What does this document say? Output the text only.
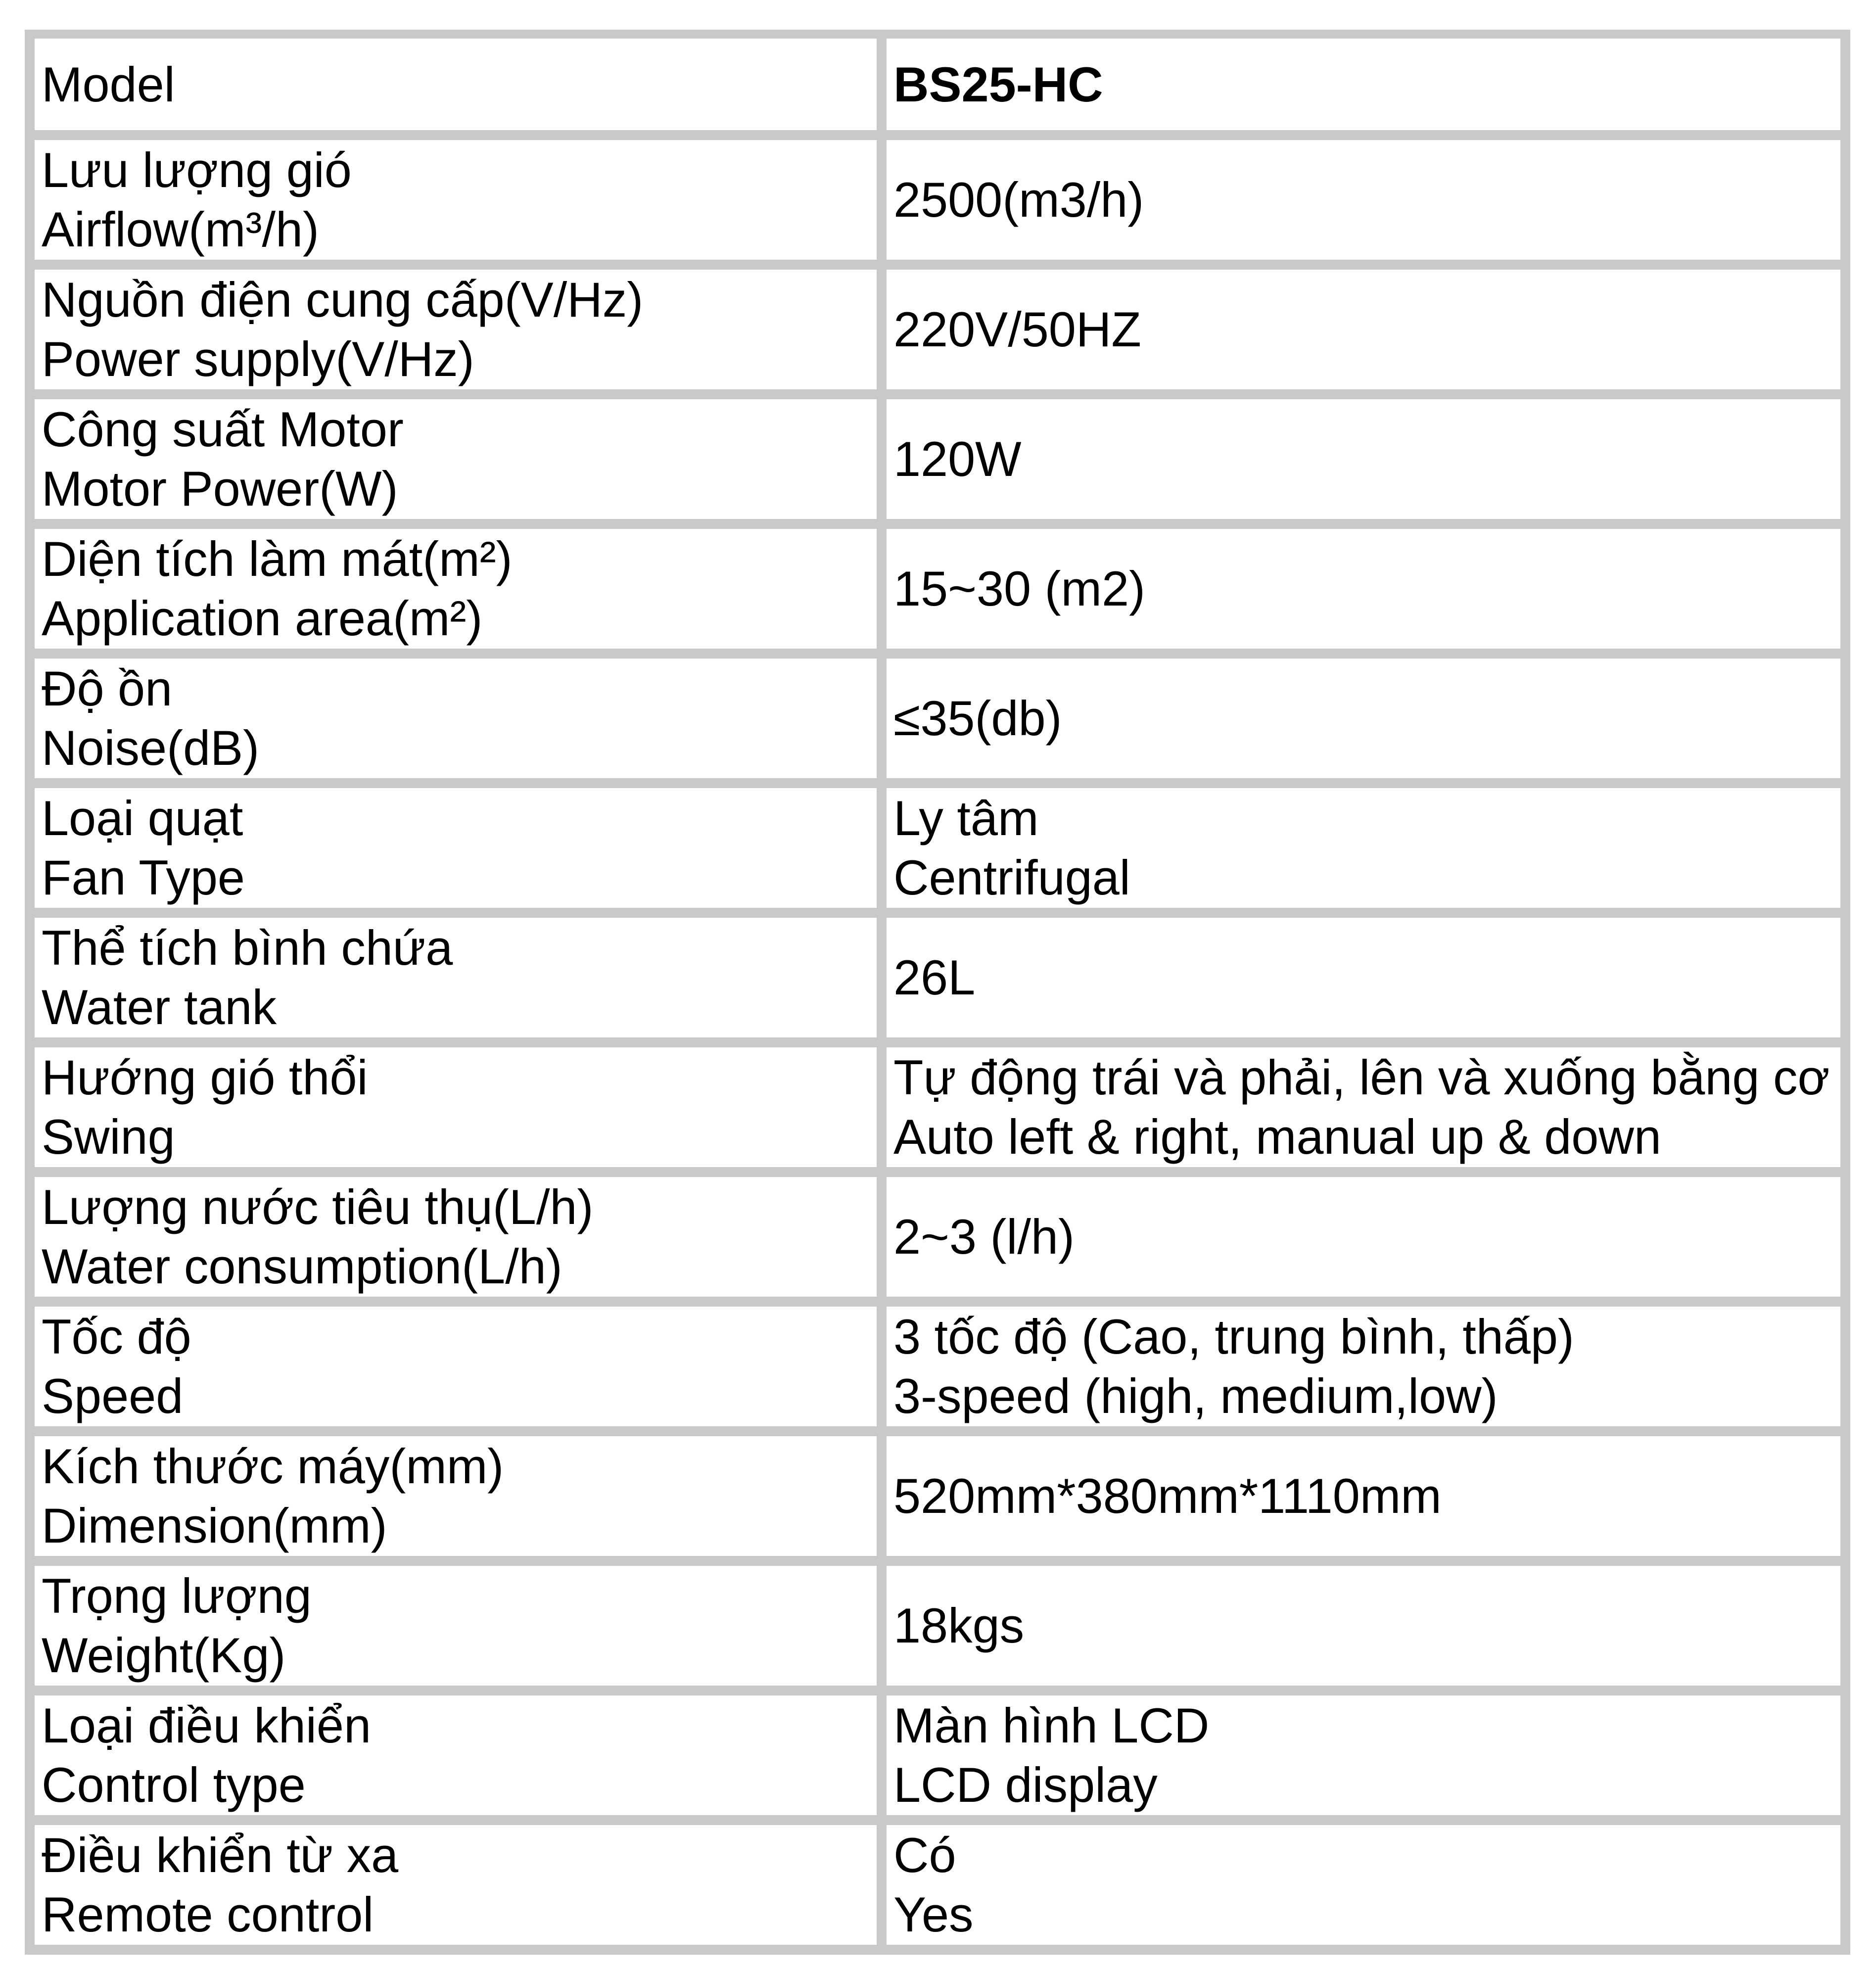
Model	BS25-HC
Lưu lượng gió
Airflow(m³/h)
2500(m3/h)
Nguồn điện cung cấp(V/Hz)
Power supply(V/Hz)
220V/50HZ
Công suất Motor
Motor Power(W)
120W
Diện tích làm mát(m²)
Application area(m²)
15~30 (m2)
Độ ồn
Noise(dB)
≤35(db)
Loại quạt
Fan Type
Ly tâm
Centrifugal
Thể tích bình chứa
Water tank
26L
Hướng gió thổi
Swing
Tự động trái và phải, lên và xuống bằng cơ
Auto left & right, manual up & down
Lượng nước tiêu thụ(L/h)
Water consumption(L/h)
2~3 (l/h)
Tốc độ
Speed
3 tốc độ (Cao, trung bình, thấp)
3-speed (high, medium,low)
Kích thước máy(mm)
Dimension(mm)
520mm*380mm*1110mm
Trọng lượng
Weight(Kg)
18kgs
Loại điều khiển
Control type
Màn hình LCD
LCD display
Điều khiển từ xa
Remote control
Có
Yes
